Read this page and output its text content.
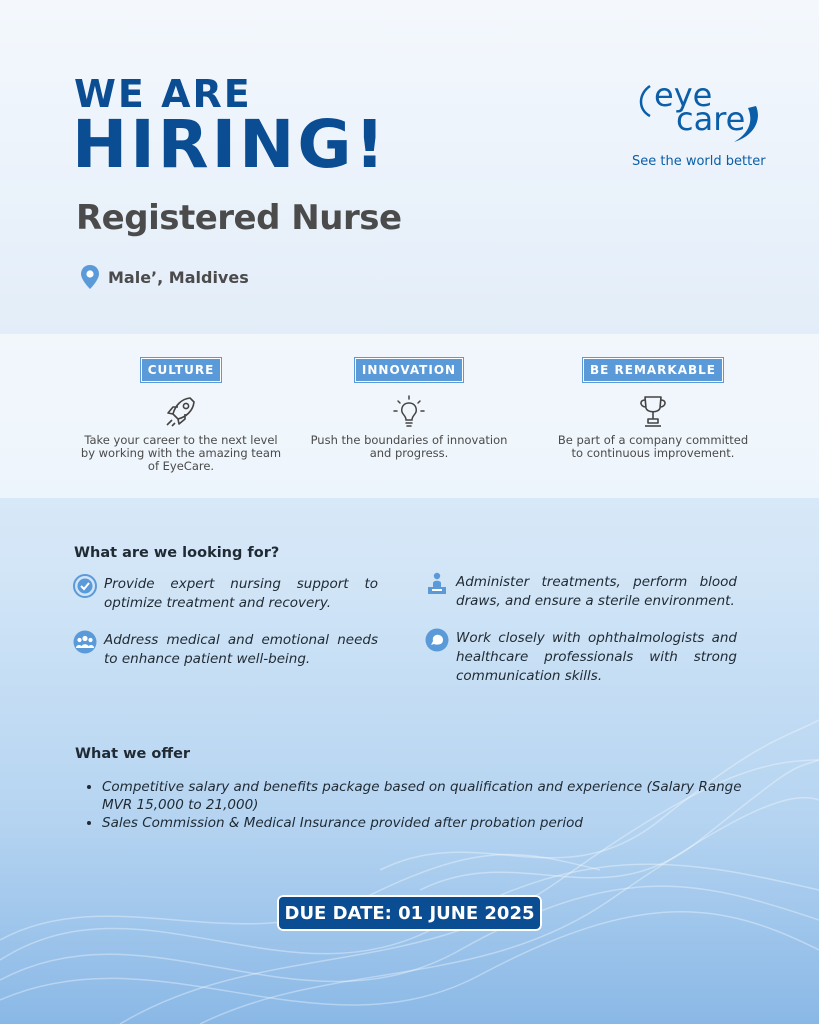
WE ARE
HIRING!
eye
care
See the world better
Registered Nurse
Male’, Maldives
CULTURE
Take your career to the next level by working with the amazing team of EyeCare.
INNOVATION
Push the boundaries of innovation and progress.
BE REMARKABLE
Be part of a company committed to continuous improvement.
What are we looking for?
Provide expert nursing support to optimize treatment and recovery.
Administer treatments, perform blood draws, and ensure a sterile environment.
Address medical and emotional needs to enhance patient well-being.
Work closely with ophthalmologists and healthcare professionals with strong communication skills.
What we offer
• Competitive salary and benefits package based on qualification and experience (Salary Range MVR 15,000 to 21,000)
• Sales Commission & Medical Insurance provided after probation period
DUE DATE: 01 JUNE 2025
